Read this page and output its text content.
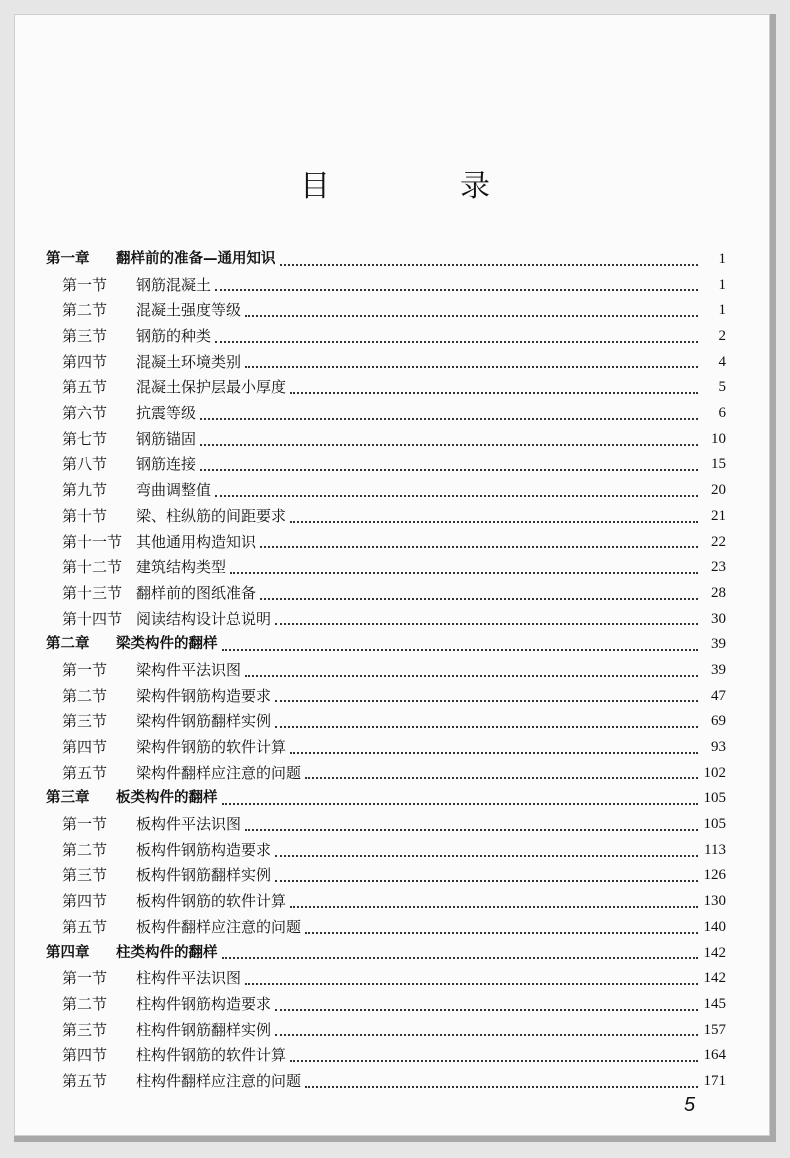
目　录
第一章	翻样前的准备—通用知识	1
第一节	钢筋混凝土	1
第二节	混凝土强度等级	1
第三节	钢筋的种类	2
第四节	混凝土环境类别	4
第五节	混凝土保护层最小厚度	5
第六节	抗震等级	6
第七节	钢筋锚固	10
第八节	钢筋连接	15
第九节	弯曲调整值	20
第十节	梁、柱纵筋的间距要求	21
第十一节 其他通用构造知识	22
第十二节 建筑结构类型	23
第十三节 翻样前的图纸准备	28
第十四节 阅读结构设计总说明	30
第二章	梁类构件的翻样	39
第一节	梁构件平法识图	39
第二节	梁构件钢筋构造要求	47
第三节	梁构件钢筋翻样实例	69
第四节	梁构件钢筋的软件计算	93
第五节	梁构件翻样应注意的问题	102
第三章	板类构件的翻样	105
第一节	板构件平法识图	105
第二节	板构件钢筋构造要求	113
第三节	板构件钢筋翻样实例	126
第四节	板构件钢筋的软件计算	130
第五节	板构件翻样应注意的问题	140
第四章	柱类构件的翻样	142
第一节	柱构件平法识图	142
第二节	柱构件钢筋构造要求	145
第三节	柱构件钢筋翻样实例	157
第四节	柱构件钢筋的软件计算	164
第五节	柱构件翻样应注意的问题	171
5
